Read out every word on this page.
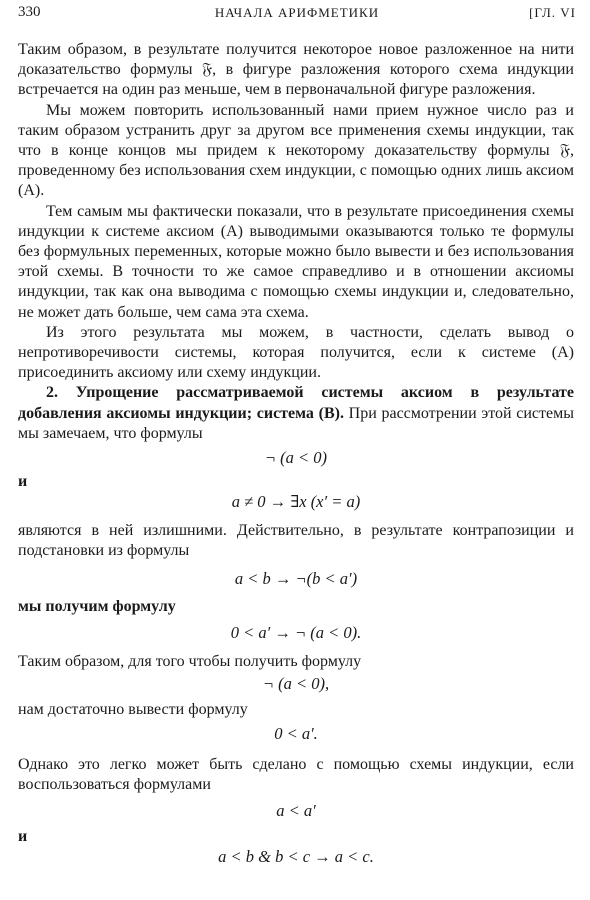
330	НАЧАЛА АРИФМЕТИКИ	[ГЛ. VI

Таким образом, в результате получится некоторое новое разложенное на нити доказательство формулы 𝔉, в фигуре разложения которого схема индукции встречается на один раз меньше, чем в первоначальной фигуре разложения.

Мы можем повторить использованный нами прием нужное число раз и таким образом устранить друг за другом все применения схемы индукции, так что в конце концов мы придем к некоторому доказательству формулы 𝔉, проведенному без использования схем индукции, с помощью одних лишь аксиом (А).

Тем самым мы фактически показали, что в результате присоединения схемы индукции к системе аксиом (А) выводимыми оказываются только те формулы без формульных переменных, которые можно было вывести и без использования этой схемы. В точности то же самое справедливо и в отношении аксиомы индукции, так как она выводима с помощью схемы индукции и, следовательно, не может дать больше, чем сама эта схема.

Из этого результата мы можем, в частности, сделать вывод о непротиворечивости системы, которая получится, если к системе (А) присоединить аксиому или схему индукции.

2. Упрощение рассматриваемой системы аксиом в результате добавления аксиомы индукции; система (В). При рассмотрении этой системы мы замечаем, что формулы

¬ (a < 0)

и

a ≠ 0 → ∃x (x′ = a)

являются в ней излишними. Действительно, в результате контрапозиции и подстановки из формулы

a < b → ¬(b < a′)

мы получим формулу

0 < a′ → ¬ (a < 0).

Таким образом, для того чтобы получить формулу

¬ (a < 0),

нам достаточно вывести формулу

0 < a′.

Однако это легко может быть сделано с помощью схемы индукции, если воспользоваться формулами

a < a′

и

a < b & b < c → a < c.
